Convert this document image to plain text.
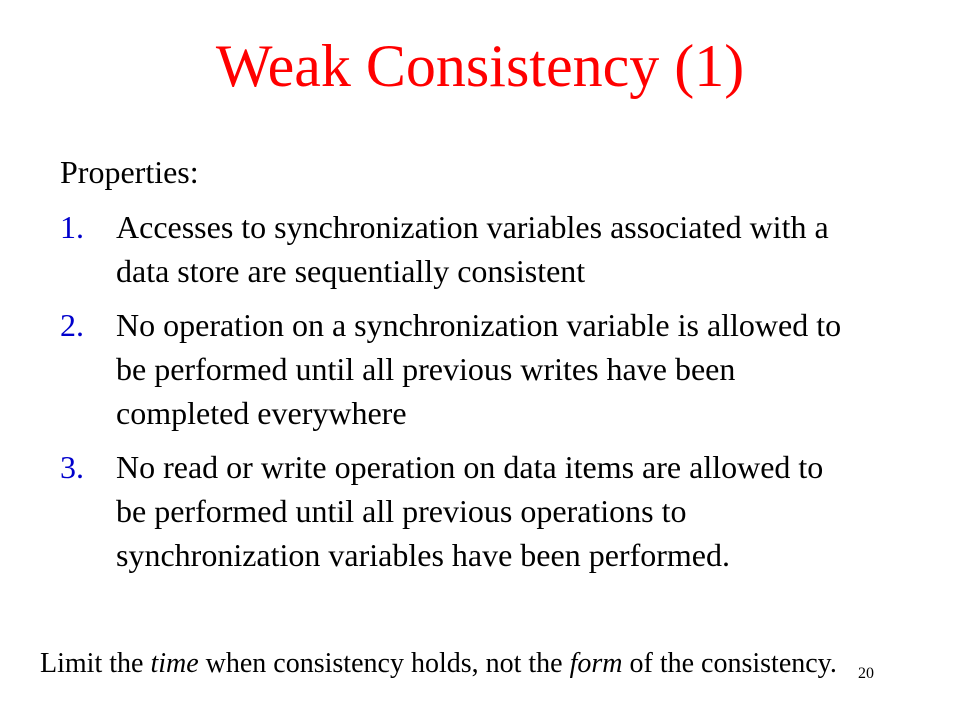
Weak Consistency (1)
Properties:
1. Accesses to synchronization variables associated with a data store are sequentially consistent
2. No operation on a synchronization variable is allowed to be performed until all previous writes have been completed everywhere
3. No read or write operation on data items are allowed to be performed until all previous operations to synchronization variables have been performed.
Limit the time when consistency holds, not the form of the consistency. 20
